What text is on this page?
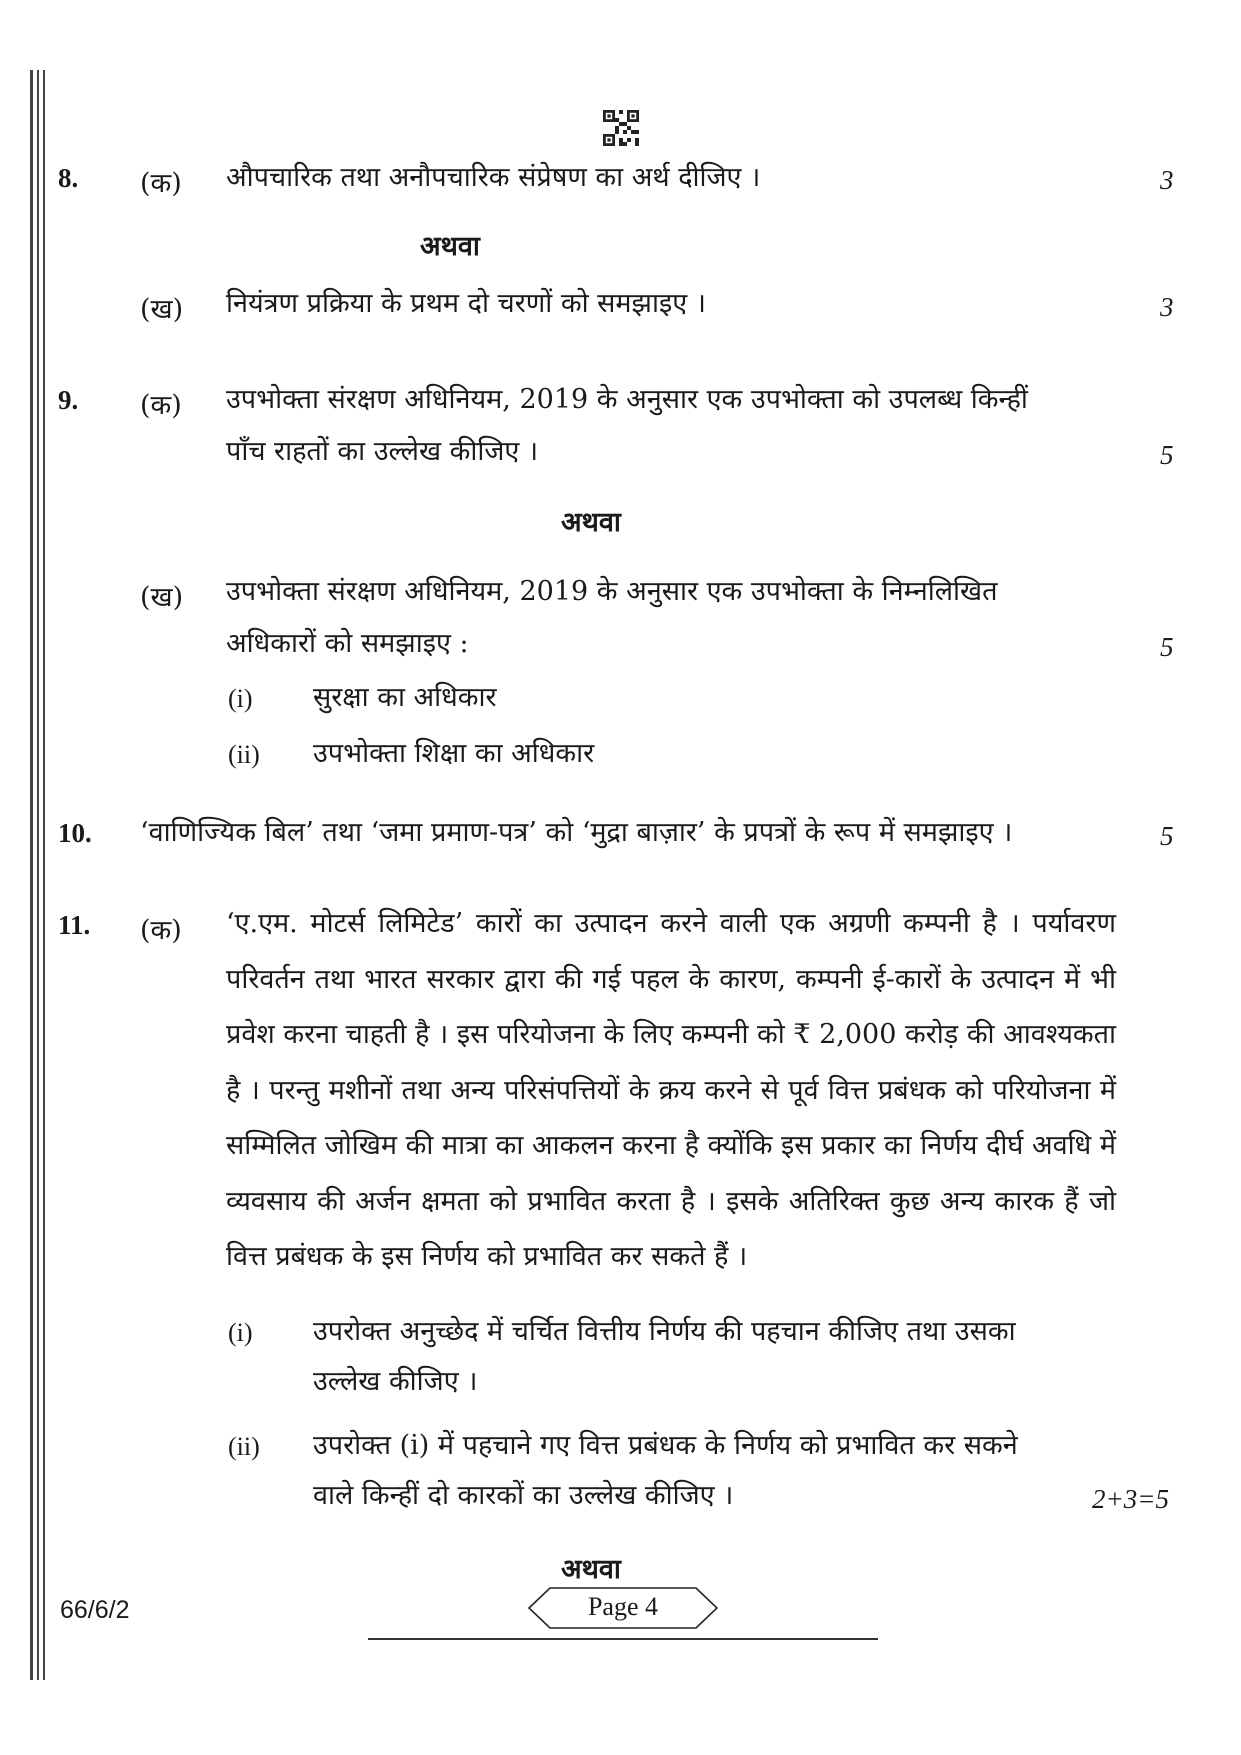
8. (क) औपचारिक तथा अनौपचारिक संप्रेषण का अर्थ दीजिए ।	3
अथवा
(ख) नियंत्रण प्रक्रिया के प्रथम दो चरणों को समझाइए ।	3
9. (क) उपभोक्ता संरक्षण अधिनियम, 2019 के अनुसार एक उपभोक्ता को उपलब्ध किन्हीं
पाँच राहतों का उल्लेख कीजिए ।	5
अथवा
(ख) उपभोक्ता संरक्षण अधिनियम, 2019 के अनुसार एक उपभोक्ता के निम्नलिखित
अधिकारों को समझाइए :	5
(i) सुरक्षा का अधिकार
(ii) उपभोक्ता शिक्षा का अधिकार
10. ‘वाणिज्यिक बिल’ तथा ‘जमा प्रमाण-पत्र’ को ‘मुद्रा बाज़ार’ के प्रपत्रों के रूप में समझाइए ।	5
11. (क) ‘ए.एम. मोटर्स लिमिटेड’ कारों का उत्पादन करने वाली एक अग्रणी कम्पनी है । पर्यावरण परिवर्तन तथा भारत सरकार द्वारा की गई पहल के कारण, कम्पनी ई-कारों के उत्पादन में भी प्रवेश करना चाहती है । इस परियोजना के लिए कम्पनी को ₹ 2,000 करोड़ की आवश्यकता है । परन्तु मशीनों तथा अन्य परिसंपत्तियों के क्रय करने से पूर्व वित्त प्रबंधक को परियोजना में सम्मिलित जोखिम की मात्रा का आकलन करना है क्योंकि इस प्रकार का निर्णय दीर्घ अवधि में व्यवसाय की अर्जन क्षमता को प्रभावित करता है । इसके अतिरिक्त कुछ अन्य कारक हैं जो वित्त प्रबंधक के इस निर्णय को प्रभावित कर सकते हैं ।
(i) उपरोक्त अनुच्छेद में चर्चित वित्तीय निर्णय की पहचान कीजिए तथा उसका
उल्लेख कीजिए ।
(ii) उपरोक्त (i) में पहचाने गए वित्त प्रबंधक के निर्णय को प्रभावित कर सकने
वाले किन्हीं दो कारकों का उल्लेख कीजिए ।	2+3=5
अथवा
66/6/2	Page 4
